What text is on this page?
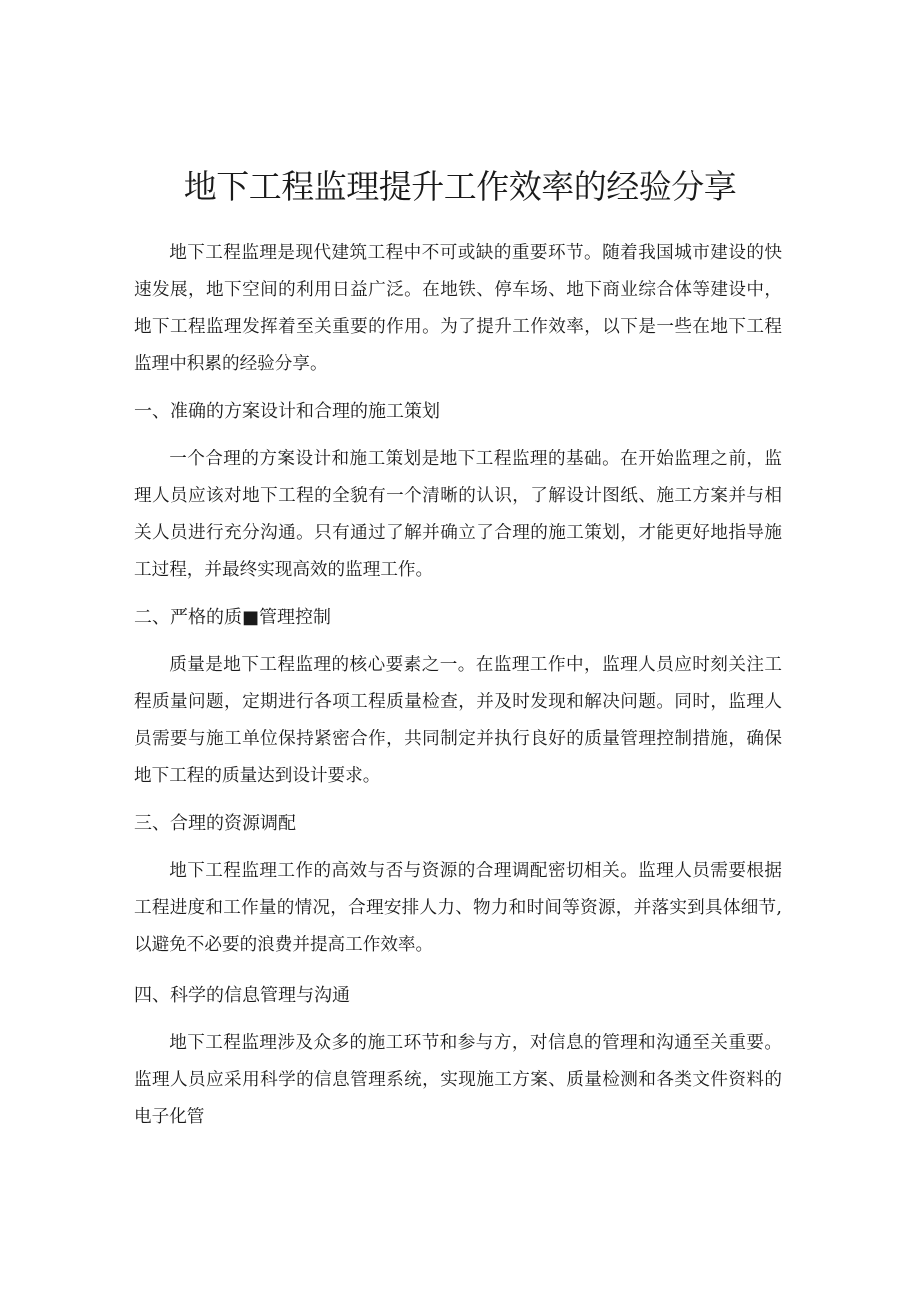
地下工程监理提升工作效率的经验分享

地下工程监理是现代建筑工程中不可或缺的重要环节。随着我国城市建设的快速发展，地下空间的利用日益广泛。在地铁、停车场、地下商业综合体等建设中，地下工程监理发挥着至关重要的作用。为了提升工作效率，以下是一些在地下工程监理中积累的经验分享。

一、准确的方案设计和合理的施工策划

一个合理的方案设计和施工策划是地下工程监理的基础。在开始监理之前，监理人员应该对地下工程的全貌有一个清晰的认识，了解设计图纸、施工方案并与相关人员进行充分沟通。只有通过了解并确立了合理的施工策划，才能更好地指导施工过程，并最终实现高效的监理工作。

二、严格的质■管理控制

质量是地下工程监理的核心要素之一。在监理工作中，监理人员应时刻关注工程质量问题，定期进行各项工程质量检查，并及时发现和解决问题。同时，监理人员需要与施工单位保持紧密合作，共同制定并执行良好的质量管理控制措施，确保地下工程的质量达到设计要求。

三、合理的资源调配

地下工程监理工作的高效与否与资源的合理调配密切相关。监理人员需要根据工程进度和工作量的情况，合理安排人力、物力和时间等资源，并落实到具体细节,以避免不必要的浪费并提高工作效率。

四、科学的信息管理与沟通

地下工程监理涉及众多的施工环节和参与方，对信息的管理和沟通至关重要。监理人员应采用科学的信息管理系统，实现施工方案、质量检测和各类文件资料的电子化管
